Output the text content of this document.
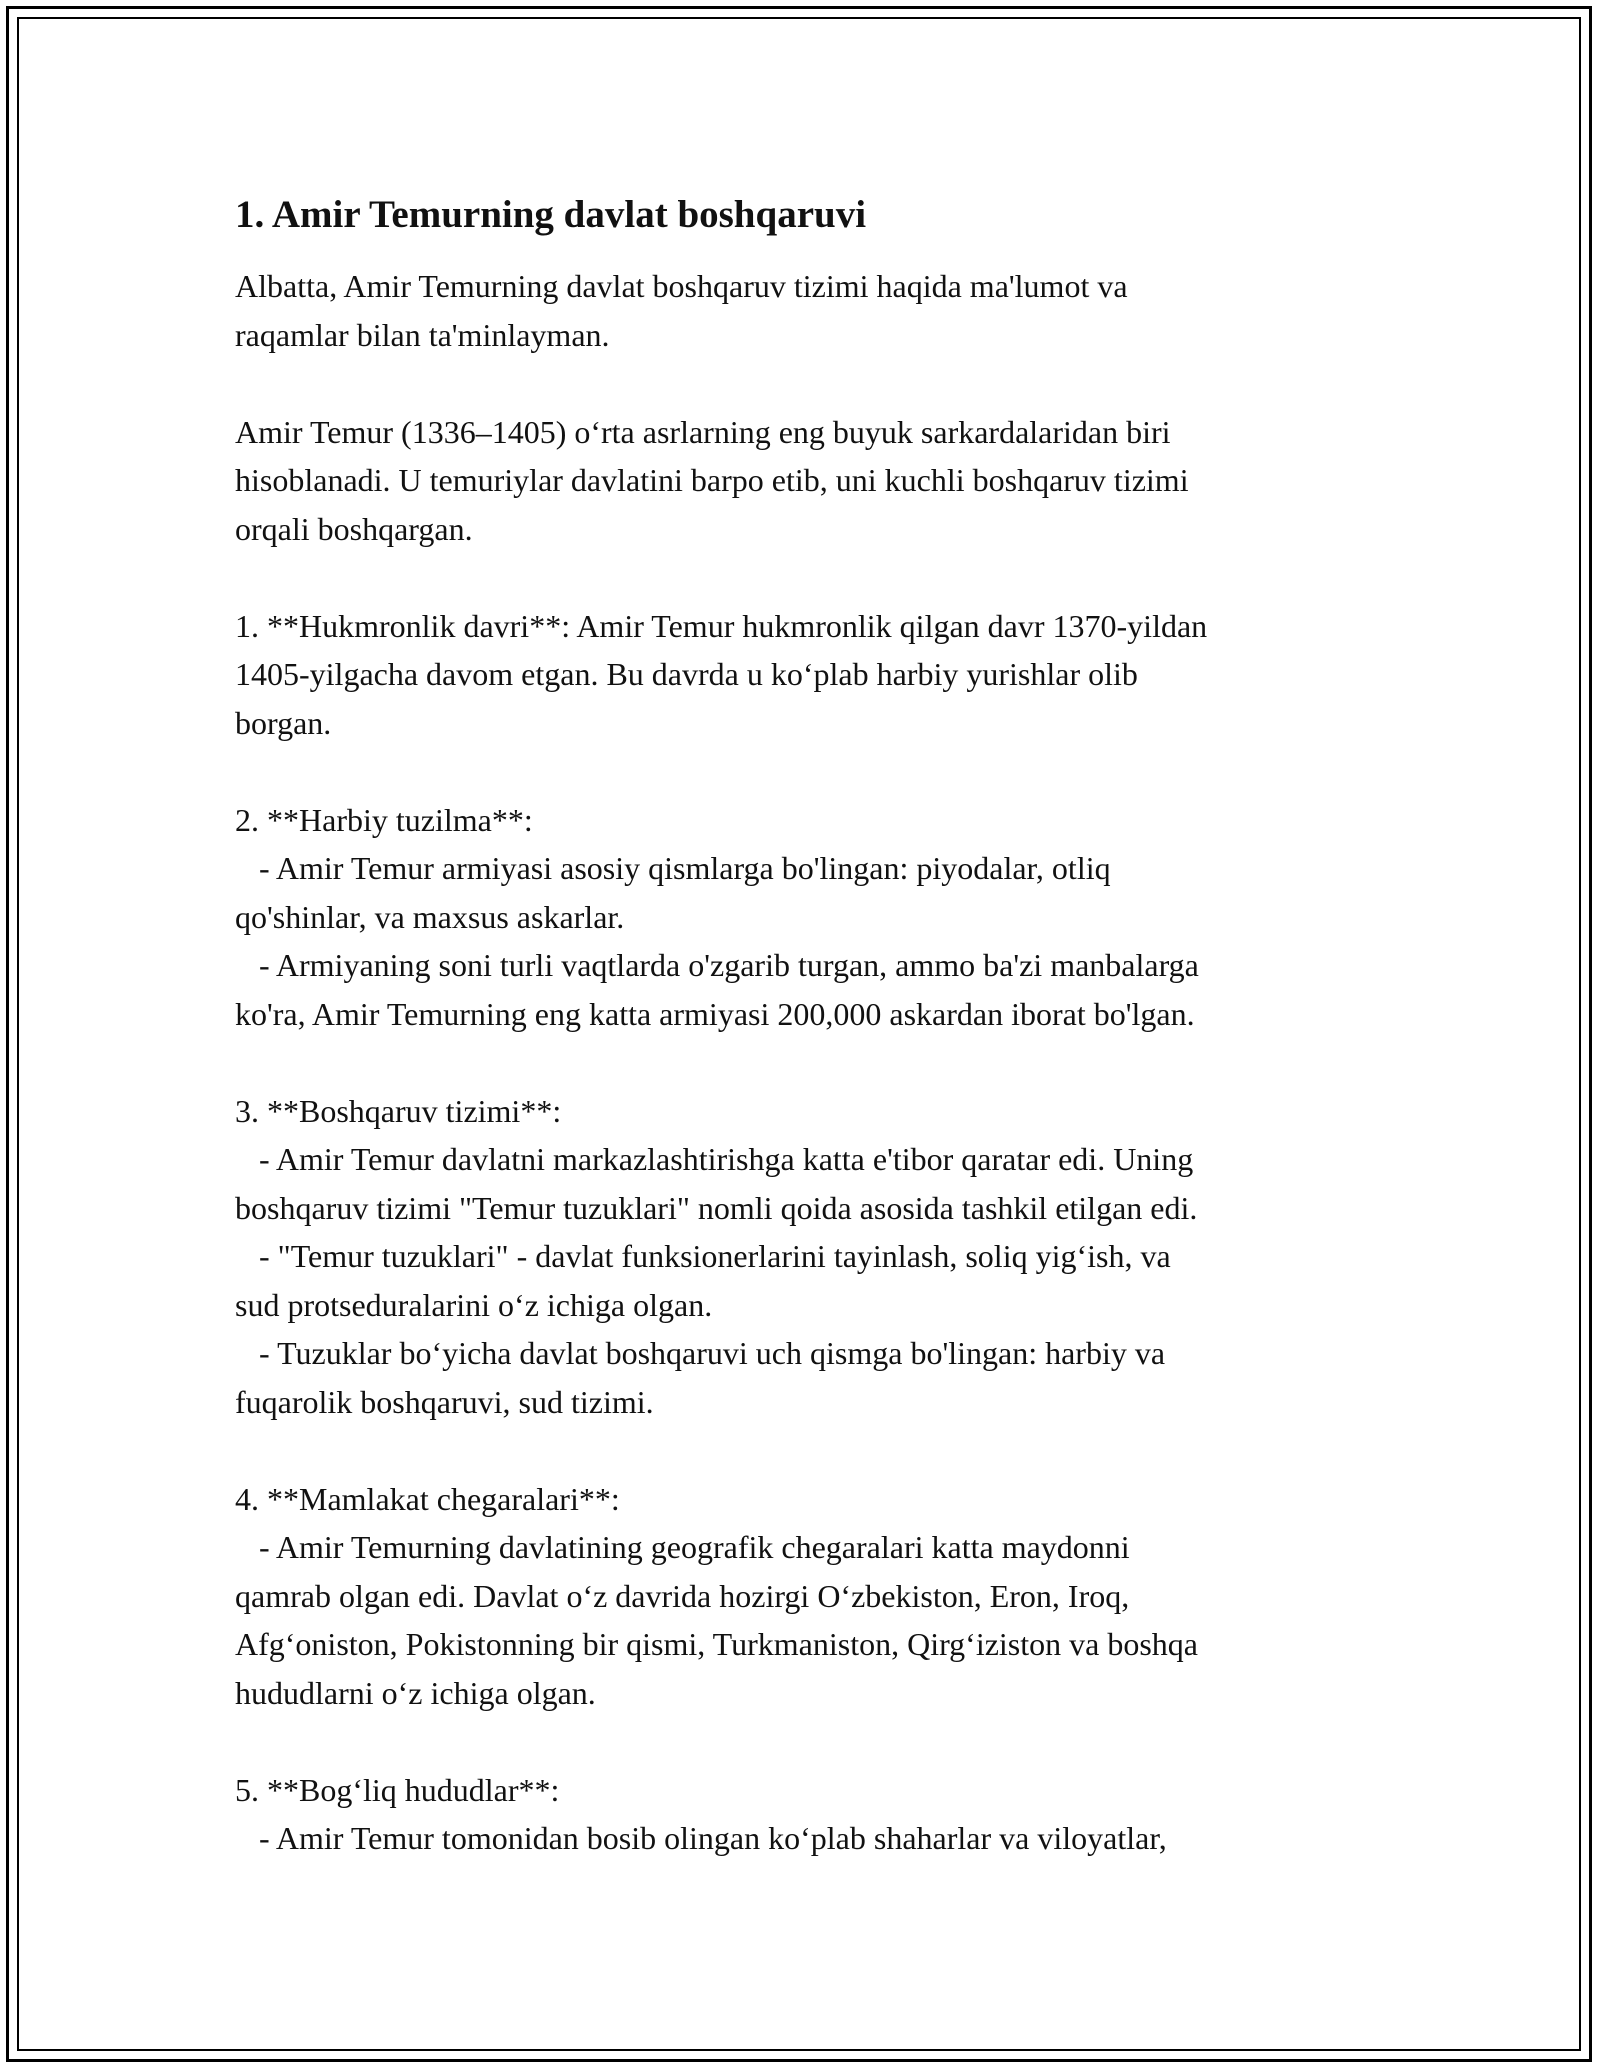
1. Amir Temurning davlat boshqaruvi
Albatta, Amir Temurning davlat boshqaruv tizimi haqida ma'lumot va
raqamlar bilan ta'minlayman.
Amir Temur (1336–1405) o‘rta asrlarning eng buyuk sarkardalaridan biri
hisoblanadi. U temuriylar davlatini barpo etib, uni kuchli boshqaruv tizimi
orqali boshqargan.
1. **Hukmronlik davri**: Amir Temur hukmronlik qilgan davr 1370-yildan
1405-yilgacha davom etgan. Bu davrda u ko‘plab harbiy yurishlar olib
borgan.
2. **Harbiy tuzilma**:
- Amir Temur armiyasi asosiy qismlarga bo'lingan: piyodalar, otliq
qo'shinlar, va maxsus askarlar.
- Armiyaning soni turli vaqtlarda o'zgarib turgan, ammo ba'zi manbalarga
ko'ra, Amir Temurning eng katta armiyasi 200,000 askardan iborat bo'lgan.
3. **Boshqaruv tizimi**:
- Amir Temur davlatni markazlashtirishga katta e'tibor qaratar edi. Uning
boshqaruv tizimi "Temur tuzuklari" nomli qoida asosida tashkil etilgan edi.
- "Temur tuzuklari" - davlat funksionerlarini tayinlash, soliq yig‘ish, va
sud protseduralarini o‘z ichiga olgan.
- Tuzuklar bo‘yicha davlat boshqaruvi uch qismga bo'lingan: harbiy va
fuqarolik boshqaruvi, sud tizimi.
4. **Mamlakat chegaralari**:
- Amir Temurning davlatining geografik chegaralari katta maydonni
qamrab olgan edi. Davlat o‘z davrida hozirgi O‘zbekiston, Eron, Iroq,
Afg‘oniston, Pokistonning bir qismi, Turkmaniston, Qirg‘iziston va boshqa
hududlarni o‘z ichiga olgan.
5. **Bog‘liq hududlar**:
- Amir Temur tomonidan bosib olingan ko‘plab shaharlar va viloyatlar,
